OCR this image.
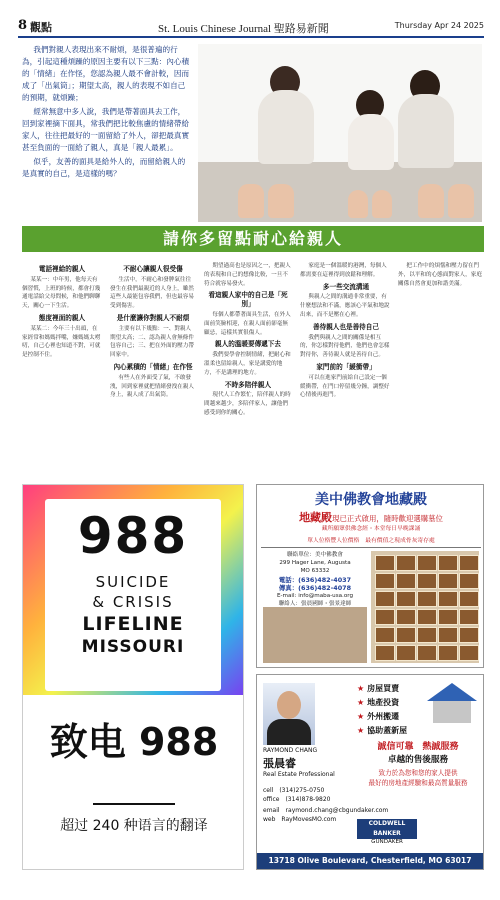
8 觀點	St. Louis Chinese Journal 聖路易新聞	Thursday Apr 24 2025

我們對親人表現出來不耐煩，是很普遍的行為，引起這種煩躁的原因主要有以下三點：內心積的「情緒」在作怪，您認為親人最不會計較，因而成了「出氣筒」；期望太高，親人的表現不如自己的預期，就煩躁；

經常無意中多人說，我們是帶著面具去工作，回到家裡摘下面具，常我們把比較焦慮的情緒帶給家人，往往把最好的一面留給了外人，卻把最真實甚至負面的一面給了親人，真是「親人最累」。

似乎，友善的面具是給外人的，而留給親人的是真實的自己，是這樣的嗎？

請你多留點耐心給親人
電話裡給的親人

某某一：中年男，他每天有個習慣，上班的時候，都會打幾通電話給父母問候，和他們聊聊天，關心一下生活。

態度裡面的親人

某某二：今年三十出頭，在家經常和媽媽拌嘴，嫌媽媽太嘮叨，自己心裡也知道不對，可就是控制不住。

不耐心讓親人很受傷

生活中，不耐心和發脾氣往往發生在我們最親近的人身上，雖然這些人最能包容我們，但也最容易受到傷害。

是什麼讓你對親人不耐煩

主要有以下幾點：一、對親人期望太高；二、認為親人會無條件包容自己；三、把在外面的壓力帶回家中。

內心累積的「情緒」在作怪

有些人在外面受了氣，不敢發洩，回到家裡就把情緒發洩在親人身上，親人成了出氣筒。

期望過高也是原因之一，把親人的表現和自己的想像比較，一旦不符合就容易發火。

看這親人家中的自己是「死別」

每個人都帶著面具生活，在外人面前笑臉相迎，在親人面前卻毫無顧忌，這樣其實很傷人。

親人的溫暖要傳遞下去

我們要學會控制情緒，把耐心和溫柔也留給親人，家是講愛的地方，不是講理的地方。

不時多陪伴親人

現代人工作繁忙，陪伴親人的時間越來越少，多陪伴家人，讓他們感受到你的關心。

家庭是一個溫暖的港灣，每個人都需要在這裡得到放鬆和理解。

多一些交流溝通

與親人之間的溝通非常重要，有什麼想法和不滿，應該心平氣和地說出來，而不是壓在心裡。

善待親人也是善待自己

我們與親人之間的關係是相互的，你怎樣對待他們，他們也會怎樣對待你，善待親人就是善待自己。

家門前的「緩衝帶」

可以在進家門前給自己設定一個緩衝帶，在門口停留幾分鐘，調整好心情後再進門。

把工作中的煩惱和壓力留在門外，以平和的心態面對家人，家庭關係自然會更加和諧美滿。

988
SUICIDE
& CRISIS
LIFELINE
MISSOURI
致电 988
超过 240 种语言的翻译
美中佛教會地藏殿
地藏殿現已正式啟用，隨時歡迎選購墓位
藏所願眾供佛念經・本堂每日早晚課誦
單人位格豐人位價格　最有價值之現成骨灰寄存處
聯絡單位：美中佛教會
299 Hager Lane, Augusta
MO 63332
電話：(636)482-4037
傳真：(636)482-4078
E-mail: info@maba-usa.org
聯絡人：張晨國師・張景達師
★ 房屋買賣
★ 地產投資
★ 外州搬遷
★ 協助蓋新屋
誠信可靠　熱誠服務
卓越的售後服務
致力於為您和您的家人提供
最好的房地產經驗和最高質量服務
RAYMOND CHANG
張晨睿
Real Estate Professional
cell　(314)275-0750
office　(314)878-9820
email　raymond.chang@cbgundaker.com
web　RayMovesMO.com
COLDWELL BANKER
GUNDAKER
13718 Olive Boulevard, Chesterfield, MO 63017
